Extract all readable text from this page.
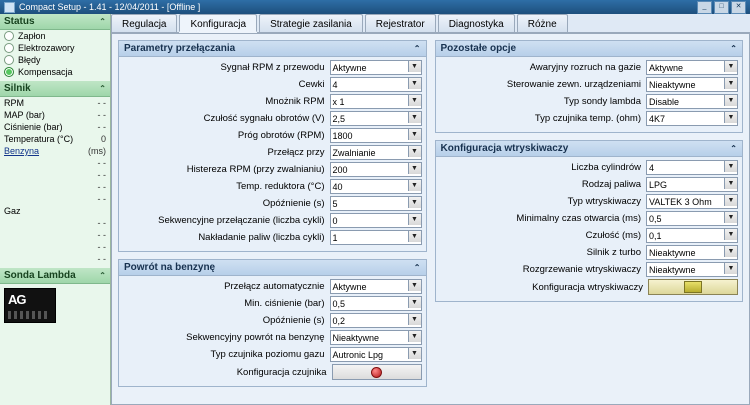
Compact Setup - 1.41 - 12/04/2011 - [Offline ]	_	□	✕
Status	⌃
Zapłon
Elektrozawory
Błędy
Kompensacja
Silnik	⌃
RPM	- -
MAP (bar)	- -
Ciśnienie (bar)	- -
Temperatura (°C)	0
Benzyna	(ms)
- -
- -
- -
- -
Gaz
- -
- -
- -
- -
Sonda Lambda	⌃
AG
Regulacja	Konfiguracja	Strategie zasilania	Rejestrator	Diagnostyka	Różne
Parametry przełączania	⌃
Sygnał RPM z przewodu Aktywne	▼
Cewki 4	▼
Mnożnik RPM x 1	▼
Czułość sygnału obrotów (V) 2,5	▼
Próg obrotów (RPM) 1800	▼
Przełącz przy Zwalnianie	▼
Histereza RPM (przy zwalnianiu) 200	▼
Temp. reduktora (°C) 40	▼
Opóźnienie (s) 5	▼
Sekwencyjne przełączanie (liczba cykli) 0	▼
Nakładanie paliw (liczba cykli) 1	▼
Powrót na benzynę	⌃
Przełącz automatycznie Aktywne	▼
Min. ciśnienie (bar) 0,5	▼
Opóźnienie (s) 0,2	▼
Sekwencyjny powrót na benzynę Nieaktywne	▼
Typ czujnika poziomu gazu Autronic Lpg	▼
Konfiguracja czujnika
Pozostałe opcje	⌃
Awaryjny rozruch na gazie Aktywne	▼
Sterowanie zewn. urządzeniami Nieaktywne	▼
Typ sondy lambda Disable	▼
Typ czujnika temp. (ohm) 4K7	▼
Konfiguracja wtryskiwaczy	⌃
Liczba cylindrów 4	▼
Rodzaj paliwa LPG	▼
Typ wtryskiwaczy VALTEK 3 Ohm	▼
Minimalny czas otwarcia (ms) 0,5	▼
Czułość (ms) 0,1	▼
Silnik z turbo Nieaktywne	▼
Rozgrzewanie wtryskiwaczy Nieaktywne	▼
Konfiguracja wtryskiwaczy
